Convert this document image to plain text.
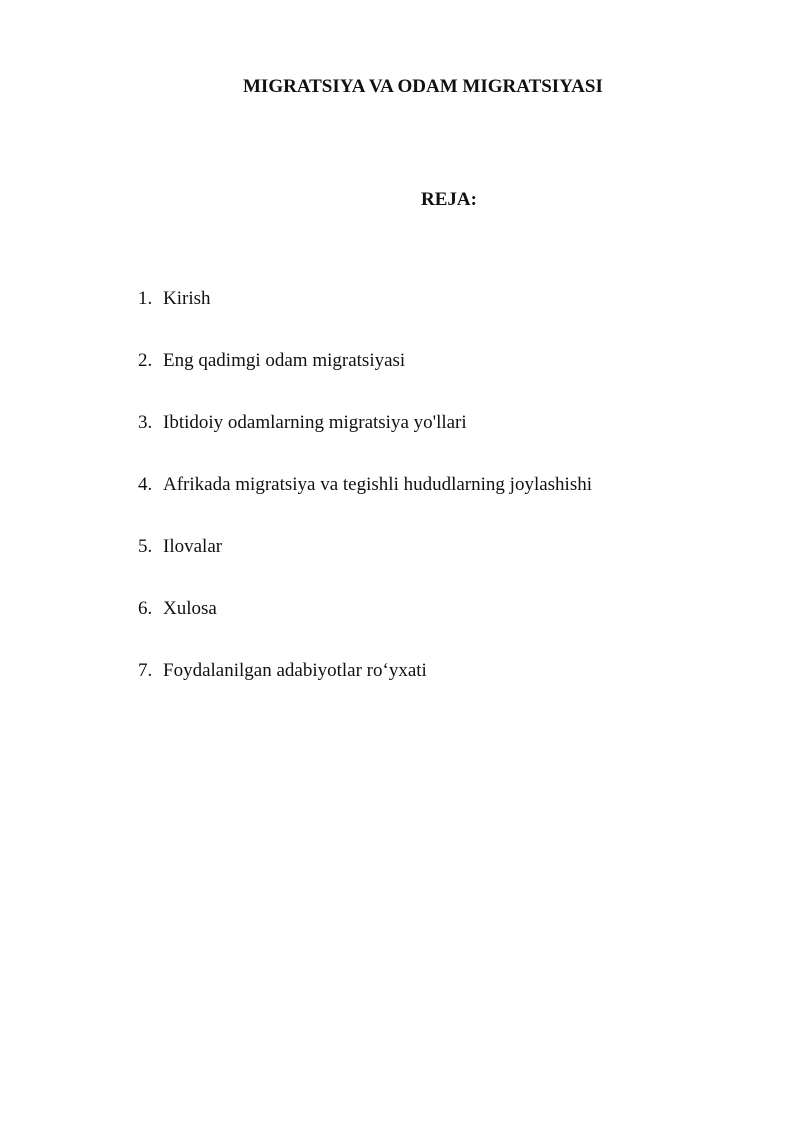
MIGRATSIYA VA ODAM MIGRATSIYASI
REJA:
1. Kirish
2. Eng qadimgi odam migratsiyasi
3. Ibtidoiy odamlarning migratsiya yo'llari
4. Afrikada migratsiya va tegishli hududlarning joylashishi
5. Ilovalar
6. Xulosa
7. Foydalanilgan adabiyotlar ro‘yxati
